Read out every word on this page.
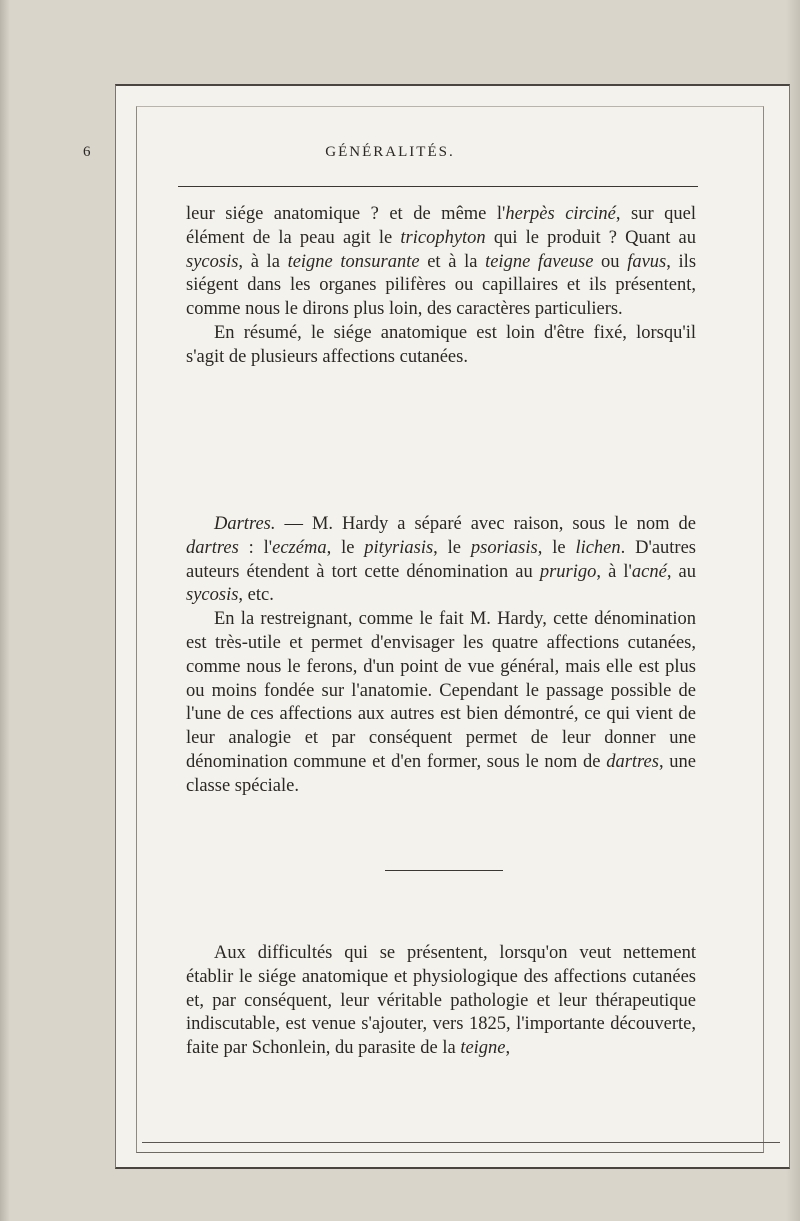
6	GÉNÉRALITÉS.

leur siége anatomique ? et de même l'herpès circiné, sur quel élément de la peau agit le tricophyton qui le produit ? Quant au sycosis, à la teigne tonsurante et à la teigne faveuse ou favus, ils siégent dans les organes pilifères ou capillaires et ils présentent, comme nous le dirons plus loin, des caractères particuliers.

En résumé, le siége anatomique est loin d'être fixé, lorsqu'il s'agit de plusieurs affections cutanées.

Dartres. — M. Hardy a séparé avec raison, sous le nom de dartres : l'eczéma, le pityriasis, le psoriasis, le lichen. D'autres auteurs étendent à tort cette dénomination au prurigo, à l'acné, au sycosis, etc.

En la restreignant, comme le fait M. Hardy, cette dénomination est très-utile et permet d'envisager les quatre affections cutanées, comme nous le ferons, d'un point de vue général, mais elle est plus ou moins fondée sur l'anatomie. Cependant le passage possible de l'une de ces affections aux autres est bien démontré, ce qui vient de leur analogie et par conséquent permet de leur donner une dénomination commune et d'en former, sous le nom de dartres, une classe spéciale.

Aux difficultés qui se présentent, lorsqu'on veut nettement établir le siége anatomique et physiologique des affections cutanées et, par conséquent, leur véritable pathologie et leur thérapeutique indiscutable, est venue s'ajouter, vers 1825, l'importante découverte, faite par Schonlein, du parasite de la teigne,
